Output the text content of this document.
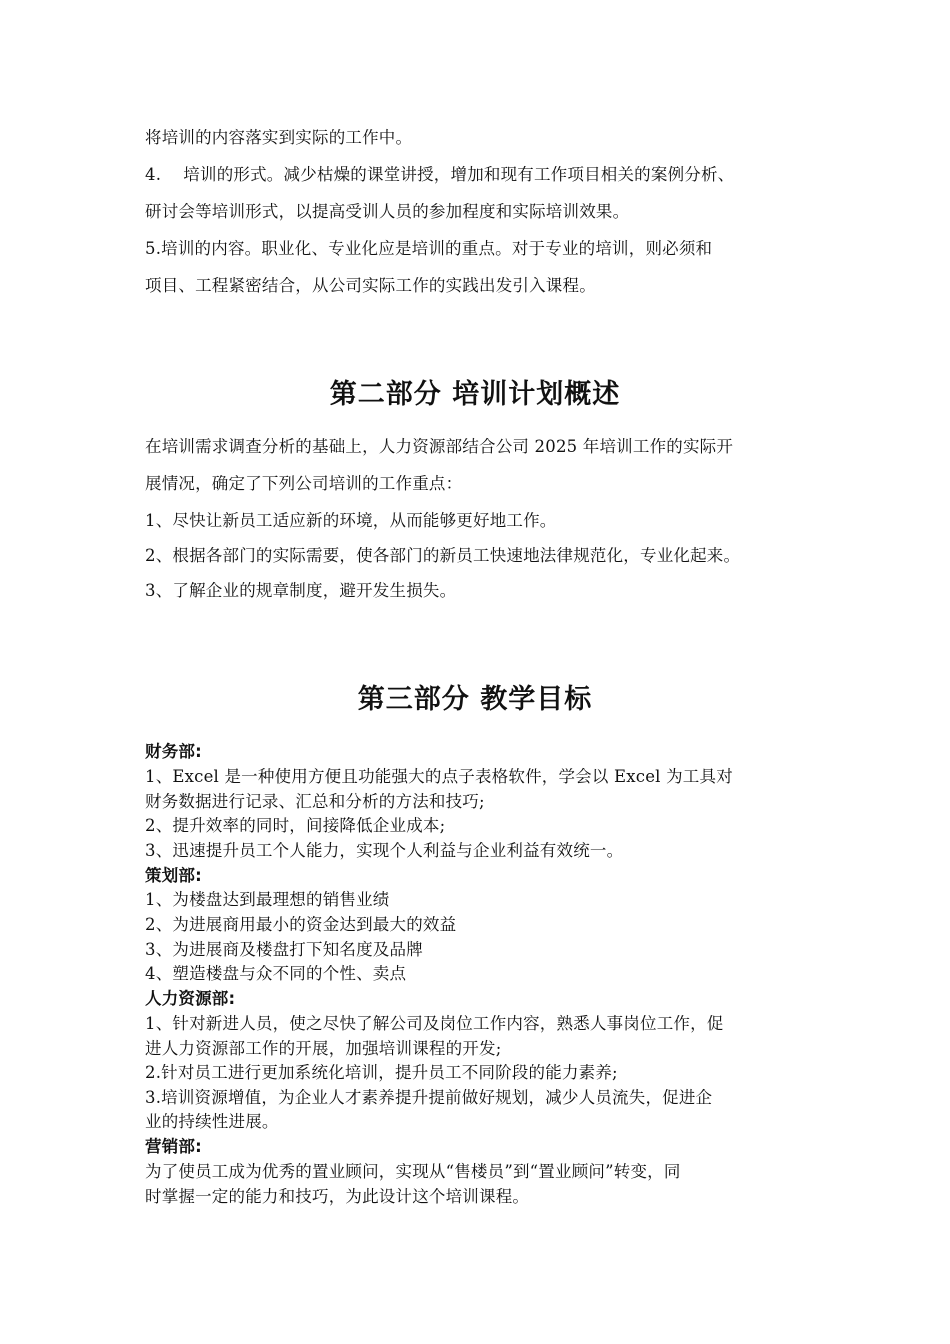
将培训的内容落实到实际的工作中。
4.　 培训的形式。减少枯燥的课堂讲授，增加和现有工作项目相关的案例分析、
研讨会等培训形式，以提高受训人员的参加程度和实际培训效果。
5.培训的内容。职业化、专业化应是培训的重点。对于专业的培训，则必须和
项目、工程紧密结合，从公司实际工作的实践出发引入课程。
第二部分 培训计划概述
在培训需求调查分析的基础上，人力资源部结合公司 2025 年培训工作的实际开
展情况，确定了下列公司培训的工作重点：
1、尽快让新员工适应新的环境，从而能够更好地工作。
2、根据各部门的实际需要，使各部门的新员工快速地法律规范化，专业化起来。
3、了解企业的规章制度，避开发生损失。
第三部分 教学目标
财务部:
1、Excel 是一种使用方便且功能强大的点子表格软件，学会以 Excel 为工具对
财务数据进行记录、汇总和分析的方法和技巧;
2、提升效率的同时，间接降低企业成本;
3、迅速提升员工个人能力，实现个人利益与企业利益有效统一。
策划部:
1、为楼盘达到最理想的销售业绩
2、为进展商用最小的资金达到最大的效益
3、为进展商及楼盘打下知名度及品牌
4、塑造楼盘与众不同的个性、卖点
人力资源部:
1、针对新进人员，使之尽快了解公司及岗位工作内容，熟悉人事岗位工作，促
进人力资源部工作的开展，加强培训课程的开发;
2.针对员工进行更加系统化培训，提升员工不同阶段的能力素养;
3.培训资源增值，为企业人才素养提升提前做好规划，减少人员流失，促进企
业的持续性进展。
营销部:
为了使员工成为优秀的置业顾问，实现从“售楼员”到“置业顾问”转变，同
时掌握一定的能力和技巧，为此设计这个培训课程。
